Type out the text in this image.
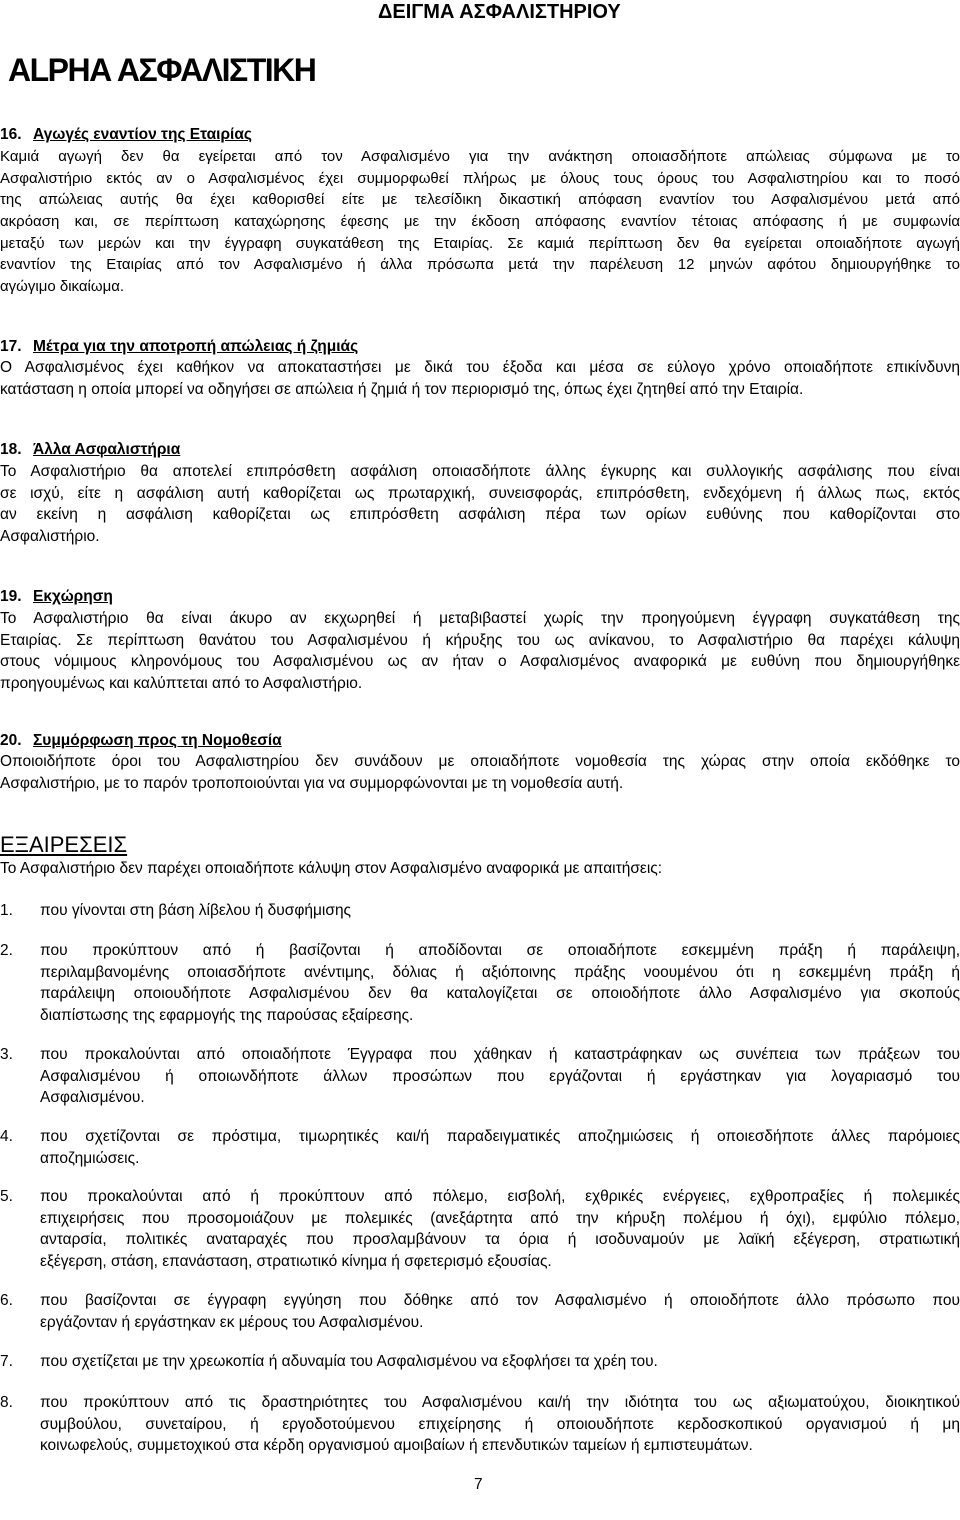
ΔΕΙΓΜΑ ΑΣΦΑΛΙΣΤΗΡΙΟΥ
ALPHA ΑΣΦΑΛΙΣΤΙΚΗ
16. Αγωγές εναντίον της Εταιρίας
Καμιά αγωγή δεν θα εγείρεται από τον Ασφαλισμένο για την ανάκτηση οποιασδήποτε απώλειας σύμφωνα με το
Ασφαλιστήριο εκτός αν ο Ασφαλισμένος έχει συμμορφωθεί πλήρως με όλους τους όρους του Ασφαλιστηρίου και το ποσό
της απώλειας αυτής θα έχει καθορισθεί είτε με τελεσίδικη δικαστική απόφαση εναντίον του Ασφαλισμένου μετά από
ακρόαση και, σε περίπτωση καταχώρησης έφεσης με την έκδοση απόφασης εναντίον τέτοιας απόφασης ή με συμφωνία
μεταξύ των μερών και την έγγραφη συγκατάθεση της Εταιρίας. Σε καμιά περίπτωση δεν θα εγείρεται οποιαδήποτε αγωγή
εναντίον της Εταιρίας από τον Ασφαλισμένο ή άλλα πρόσωπα μετά την παρέλευση 12 μηνών αφότου δημιουργήθηκε το
αγώγιμο δικαίωμα.
17. Μέτρα για την αποτροπή απώλειας ή ζημιάς
Ο Ασφαλισμένος έχει καθήκον να αποκαταστήσει με δικά του έξοδα και μέσα σε εύλογο χρόνο οποιαδήποτε επικίνδυνη
κατάσταση η οποία μπορεί να οδηγήσει σε απώλεια ή ζημιά ή τον περιορισμό της, όπως έχει ζητηθεί από την Εταιρία.
18. Άλλα Ασφαλιστήρια
Το Ασφαλιστήριο θα αποτελεί επιπρόσθετη ασφάλιση οποιασδήποτε άλλης έγκυρης και συλλογικής ασφάλισης που είναι
σε ισχύ, είτε η ασφάλιση αυτή καθορίζεται ως πρωταρχική, συνεισφοράς, επιπρόσθετη, ενδεχόμενη ή άλλως πως, εκτός
αν εκείνη η ασφάλιση καθορίζεται ως επιπρόσθετη ασφάλιση πέρα των ορίων ευθύνης που καθορίζονται στο
Ασφαλιστήριο.
19. Εκχώρηση
Το Ασφαλιστήριο θα είναι άκυρο αν εκχωρηθεί ή μεταβιβαστεί χωρίς την προηγούμενη έγγραφη συγκατάθεση της
Εταιρίας. Σε περίπτωση θανάτου του Ασφαλισμένου ή κήρυξης του ως ανίκανου, το Ασφαλιστήριο θα παρέχει κάλυψη
στους νόμιμους κληρονόμους του Ασφαλισμένου ως αν ήταν ο Ασφαλισμένος αναφορικά με ευθύνη που δημιουργήθηκε
προηγουμένως και καλύπτεται από το Ασφαλιστήριο.
20. Συμμόρφωση προς τη Νομοθεσία
Οποιοιδήποτε όροι του Ασφαλιστηρίου δεν συνάδουν με οποιαδήποτε νομοθεσία της χώρας στην οποία εκδόθηκε το
Ασφαλιστήριο, με το παρόν τροποποιούνται για να συμμορφώνονται με τη νομοθεσία αυτή.
ΕΞΑΙΡΕΣΕΙΣ
Το Ασφαλιστήριο δεν παρέχει οποιαδήποτε κάλυψη στον Ασφαλισμένο αναφορικά με απαιτήσεις:
1. που γίνονται στη βάση λίβελου ή δυσφήμισης
2. που προκύπτουν από ή βασίζονται ή αποδίδονται σε οποιαδήποτε εσκεμμένη πράξη ή παράλειψη,
περιλαμβανομένης οποιασδήποτε ανέντιμης, δόλιας ή αξιόποινης πράξης νοουμένου ότι η εσκεμμένη πράξη ή
παράλειψη οποιουδήποτε Ασφαλισμένου δεν θα καταλογίζεται σε οποιοδήποτε άλλο Ασφαλισμένο για σκοπούς
διαπίστωσης της εφαρμογής της παρούσας εξαίρεσης.
3. που προκαλούνται από οποιαδήποτε Έγγραφα που χάθηκαν ή καταστράφηκαν ως συνέπεια των πράξεων του
Ασφαλισμένου ή οποιωνδήποτε άλλων προσώπων που εργάζονται ή εργάστηκαν για λογαριασμό του
Ασφαλισμένου.
4. που σχετίζονται σε πρόστιμα, τιμωρητικές και/ή παραδειγματικές αποζημιώσεις ή οποιεσδήποτε άλλες παρόμοιες
αποζημιώσεις.
5. που προκαλούνται από ή προκύπτουν από πόλεμο, εισβολή, εχθρικές ενέργειες, εχθροπραξίες ή πολεμικές
επιχειρήσεις που προσομοιάζουν με πολεμικές (ανεξάρτητα από την κήρυξη πολέμου ή όχι), εμφύλιο πόλεμο,
ανταρσία, πολιτικές αναταραχές που προσλαμβάνουν τα όρια ή ισοδυναμούν με λαϊκή εξέγερση, στρατιωτική
εξέγερση, στάση, επανάσταση, στρατιωτικό κίνημα ή σφετερισμό εξουσίας.
6. που βασίζονται σε έγγραφη εγγύηση που δόθηκε από τον Ασφαλισμένο ή οποιοδήποτε άλλο πρόσωπο που
εργάζονταν ή εργάστηκαν εκ μέρους του Ασφαλισμένου.
7. που σχετίζεται με την χρεωκοπία ή αδυναμία του Ασφαλισμένου να εξοφλήσει τα χρέη του.
8. που προκύπτουν από τις δραστηριότητες του Ασφαλισμένου και/ή την ιδιότητα του ως αξιωματούχου, διοικητικού
συμβούλου, συνεταίρου, ή εργοδοτούμενου επιχείρησης ή οποιουδήποτε κερδοσκοπικού οργανισμού ή μη
κοινωφελούς, συμμετοχικού στα κέρδη οργανισμού αμοιβαίων ή επενδυτικών ταμείων ή εμπιστευμάτων.
7
